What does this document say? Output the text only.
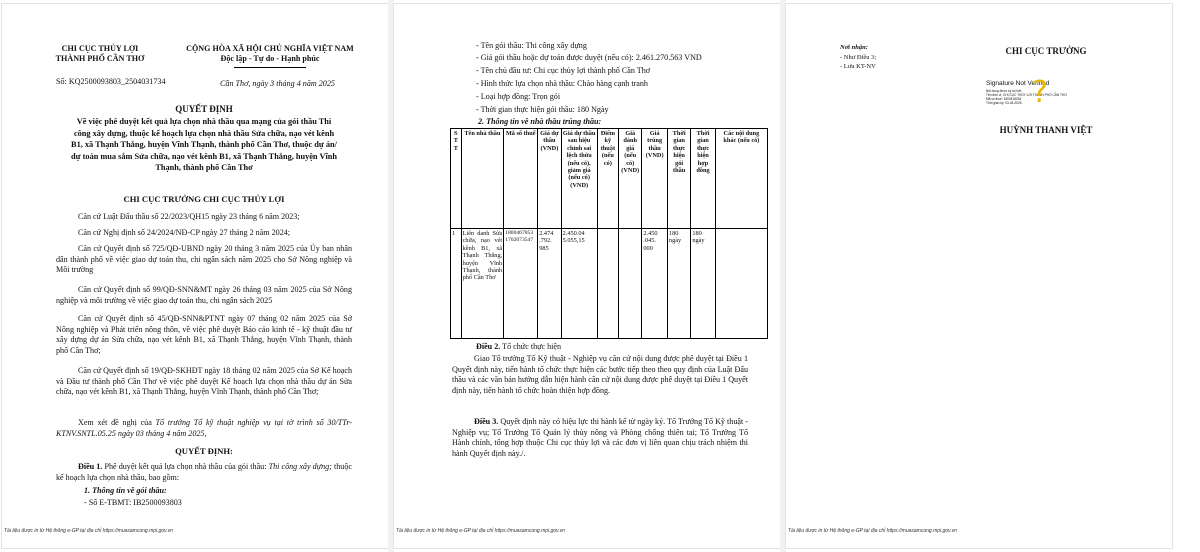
CHI CỤC THỦY LỢI
THÀNH PHỐ CẦN THƠ
CỘNG HÒA XÃ HỘI CHỦ NGHĨA VIỆT NAM
Độc lập - Tự do - Hạnh phúc
Số: KQ2500093803_2504031734	Cần Thơ, ngày 3 tháng 4 năm 2025
QUYẾT ĐỊNH
Về việc phê duyệt kết quả lựa chọn nhà thầu qua mạng của gói thầu Thi
công xây dựng, thuộc kế hoạch lựa chọn nhà thầu Sửa chữa, nạo vét kênh
B1, xã Thạnh Thắng, huyện Vĩnh Thạnh, thành phố Cần Thơ, thuộc dự án/
dự toán mua sắm Sửa chữa, nạo vét kênh B1, xã Thạnh Thắng, huyện Vĩnh
Thạnh, thành phố Cần Thơ
CHI CỤC TRƯỞNG CHI CỤC THỦY LỢI
Căn cứ Luật Đấu thầu số 22/2023/QH15 ngày 23 tháng 6 năm 2023;
Căn cứ Nghị định số 24/2024/NĐ-CP ngày 27 tháng 2 năm 2024;
Căn cứ Quyết định số 725/QĐ-UBND ngày 20 tháng 3 năm 2025 của Ủy ban nhân dân thành phố về việc giao dự toán thu, chi ngân sách năm 2025 cho Sở Nông nghiệp và Môi trường
Căn cứ Quyết định số 99/QĐ-SNN&MT ngày 26 tháng 03 năm 2025 của Sở Nông nghiệp và môi trường về việc giao dự toán thu, chi ngân sách 2025
Căn cứ Quyết định số 45/QĐ-SNN&PTNT ngày 07 tháng 02 năm 2025 của Sở Nông nghiệp và Phát triển nông thôn, về việc phê duyệt Báo cáo kinh tế - kỹ thuật đầu tư xây dựng dự án Sửa chữa, nạo vét kênh B1, xã Thạnh Thắng, huyện Vĩnh Thạnh, thành phố Cần Thơ;
Căn cứ Quyết định số 19/QĐ-SKHĐT ngày 18 tháng 02 năm 2025 của Sở Kế hoạch và Đầu tư thành phố Cần Thơ về việc phê duyệt Kế hoạch lựa chọn nhà thầu dự án Sửa chữa, nạo vét kênh B1, xã Thạnh Thắng, huyện Vĩnh Thạnh, thành phố Cần Thơ;
Xem xét đề nghị của Tổ trưởng Tổ kỹ thuật nghiệp vụ tại tờ trình số 30/TTr-KTNV.SNTL.05.25 ngày 03 tháng 4 năm 2025,
QUYẾT ĐỊNH:
Điều 1. Phê duyệt kết quả lựa chọn nhà thầu của gói thầu: Thi công xây dựng; thuộc kế hoạch lựa chọn nhà thầu, bao gồm:
1. Thông tin về gói thầu:
- Số E-TBMT: IB2500093803
Tài liệu được in từ Hệ thống e-GP tại địa chỉ https://muasamcong.mpi.gov.vn
- Tên gói thầu: Thi công xây dựng
- Giá gói thầu hoặc dự toán được duyệt (nếu có): 2.461.270.563 VND
- Tên chủ đầu tư: Chi cục thủy lợi thành phố Cần Thơ
- Hình thức lựa chọn nhà thầu: Chào hàng cạnh tranh
- Loại hợp đồng: Trọn gói
- Thời gian thực hiện gói thầu: 180 Ngày
2. Thông tin về nhà thầu trúng thầu:
S T T	Tên nhà thầu	Mã số thuế	Giá dự thầu (VND)	Giá dự thầu sau hiệu chỉnh sai lệch thừa (nếu có), giảm giá (nếu có) (VND)	Điểm kỹ thuật (nếu có)	Giá đánh giá (nếu có) (VND)	Giá trúng thầu (VND)	Thời gian thực hiện gói thầu	Thời gian thực hiện hợp đồng	Các nội dung khác (nếu có)
1	Liên danh Sửa chữa, nạo vét kênh B1, xã Thạnh Thắng, huyện Vĩnh Thạnh, thành phố Cần Thơ	1800467853 1702073547	2.474 .792. 985	2.450.04 5.055,15			2.450 .045. 000	180 ngày	180 ngày	
Điều 2. Tổ chức thực hiện
Giao Tổ trưởng Tổ Kỹ thuật - Nghiệp vụ căn cứ nội dung được phê duyệt tại Điều 1 Quyết định này, tiến hành tổ chức thực hiện các bước tiếp theo theo quy định của Luật Đấu thầu và các văn bản hướng dẫn hiện hành căn cứ nội dung được phê duyệt tại Điều 1 Quyết định này, tiến hành tổ chức hoàn thiện hợp đồng.
Điều 3. Quyết định này có hiệu lực thi hành kể từ ngày ký. Tổ Trưởng Tổ Kỹ thuật - Nghiệp vụ; Tổ Trưởng Tổ Quản lý thủy nông và Phòng chống thiên tai; Tổ Trưởng Tổ Hành chính, tổng hợp thuộc Chi cục thủy lợi và các đơn vị liên quan chịu trách nhiệm thi hành Quyết định này./.
Tài liệu được in từ Hệ thống e-GP tại địa chỉ https://muasamcong.mpi.gov.vn
Nơi nhận:
- Như Điều 3;
- Lưu KT-NV
CHI CỤC TRƯỞNG
Signature Not Verified
Nội dung được ký số bởi:
Tên đơn vị: CHI CỤC THỦY LỢI THÀNH PHỐ CẦN THƠ
Mã số thuế: 1800418034
Thời gian ký: 03-04-2025 ?
HUỲNH THANH VIỆT
Tài liệu được in từ Hệ thống e-GP tại địa chỉ https://muasamcong.mpi.gov.vn
